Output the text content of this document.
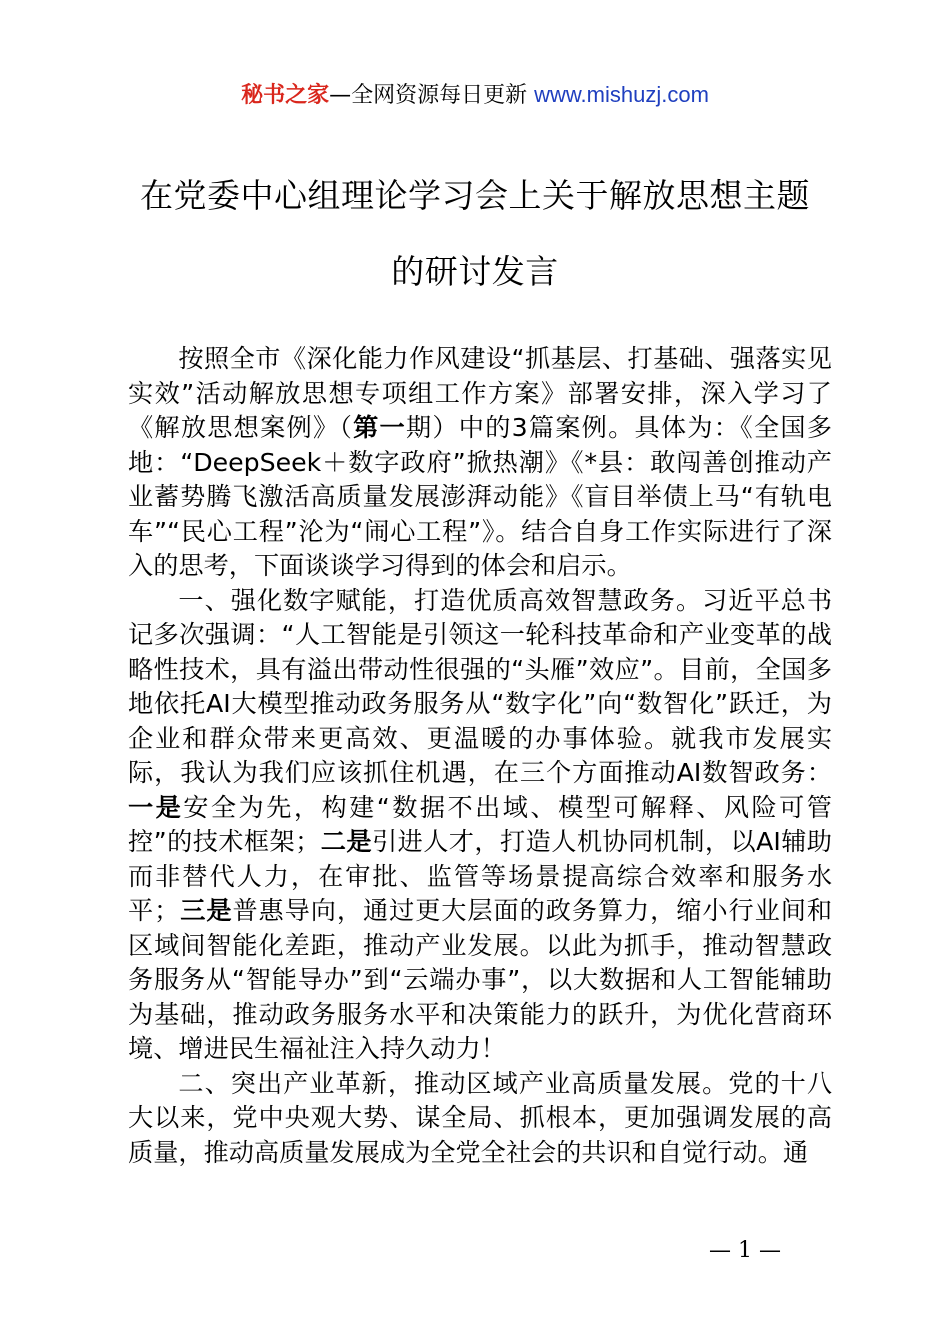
秘书之家—全网资源每日更新 www.mishuzj.com
在党委中心组理论学习会上关于解放思想主题
的研讨发言

按照全市《深化能力作风建设“抓基层、打基础、强落实见实效”活动解放思想专项组工作方案》部署安排，深入学习了《解放思想案例》（第一期）中的3篇案例。具体为：《全国多地：“DeepSeek＋数字政府”掀热潮》《*县：敢闯善创推动产业蓄势腾飞激活高质量发展澎湃动能》《盲目举债上马“有轨电车”“民心工程”沦为“闹心工程”》。结合自身工作实际进行了深入的思考，下面谈谈学习得到的体会和启示。

一、强化数字赋能，打造优质高效智慧政务。习近平总书记多次强调：“人工智能是引领这一轮科技革命和产业变革的战略性技术，具有溢出带动性很强的“头雁”效应”。目前，全国多地依托AI大模型推动政务服务从“数字化”向“数智化”跃迁，为企业和群众带来更高效、更温暖的办事体验。就我市发展实际，我认为我们应该抓住机遇，在三个方面推动AI数智政务：一是安全为先，构建“数据不出域、模型可解释、风险可管控”的技术框架；二是引进人才，打造人机协同机制，以AI辅助而非替代人力，在审批、监管等场景提高综合效率和服务水平；三是普惠导向，通过更大层面的政务算力，缩小行业间和区域间智能化差距，推动产业发展。以此为抓手，推动智慧政务服务从“智能导办”到“云端办事”，以大数据和人工智能辅助为基础，推动政务服务水平和决策能力的跃升，为优化营商环境、增进民生福祉注入持久动力！

二、突出产业革新，推动区域产业高质量发展。党的十八大以来，党中央观大势、谋全局、抓根本，更加强调发展的高质量，推动高质量发展成为全党全社会的共识和自觉行动。通

— 1 —
